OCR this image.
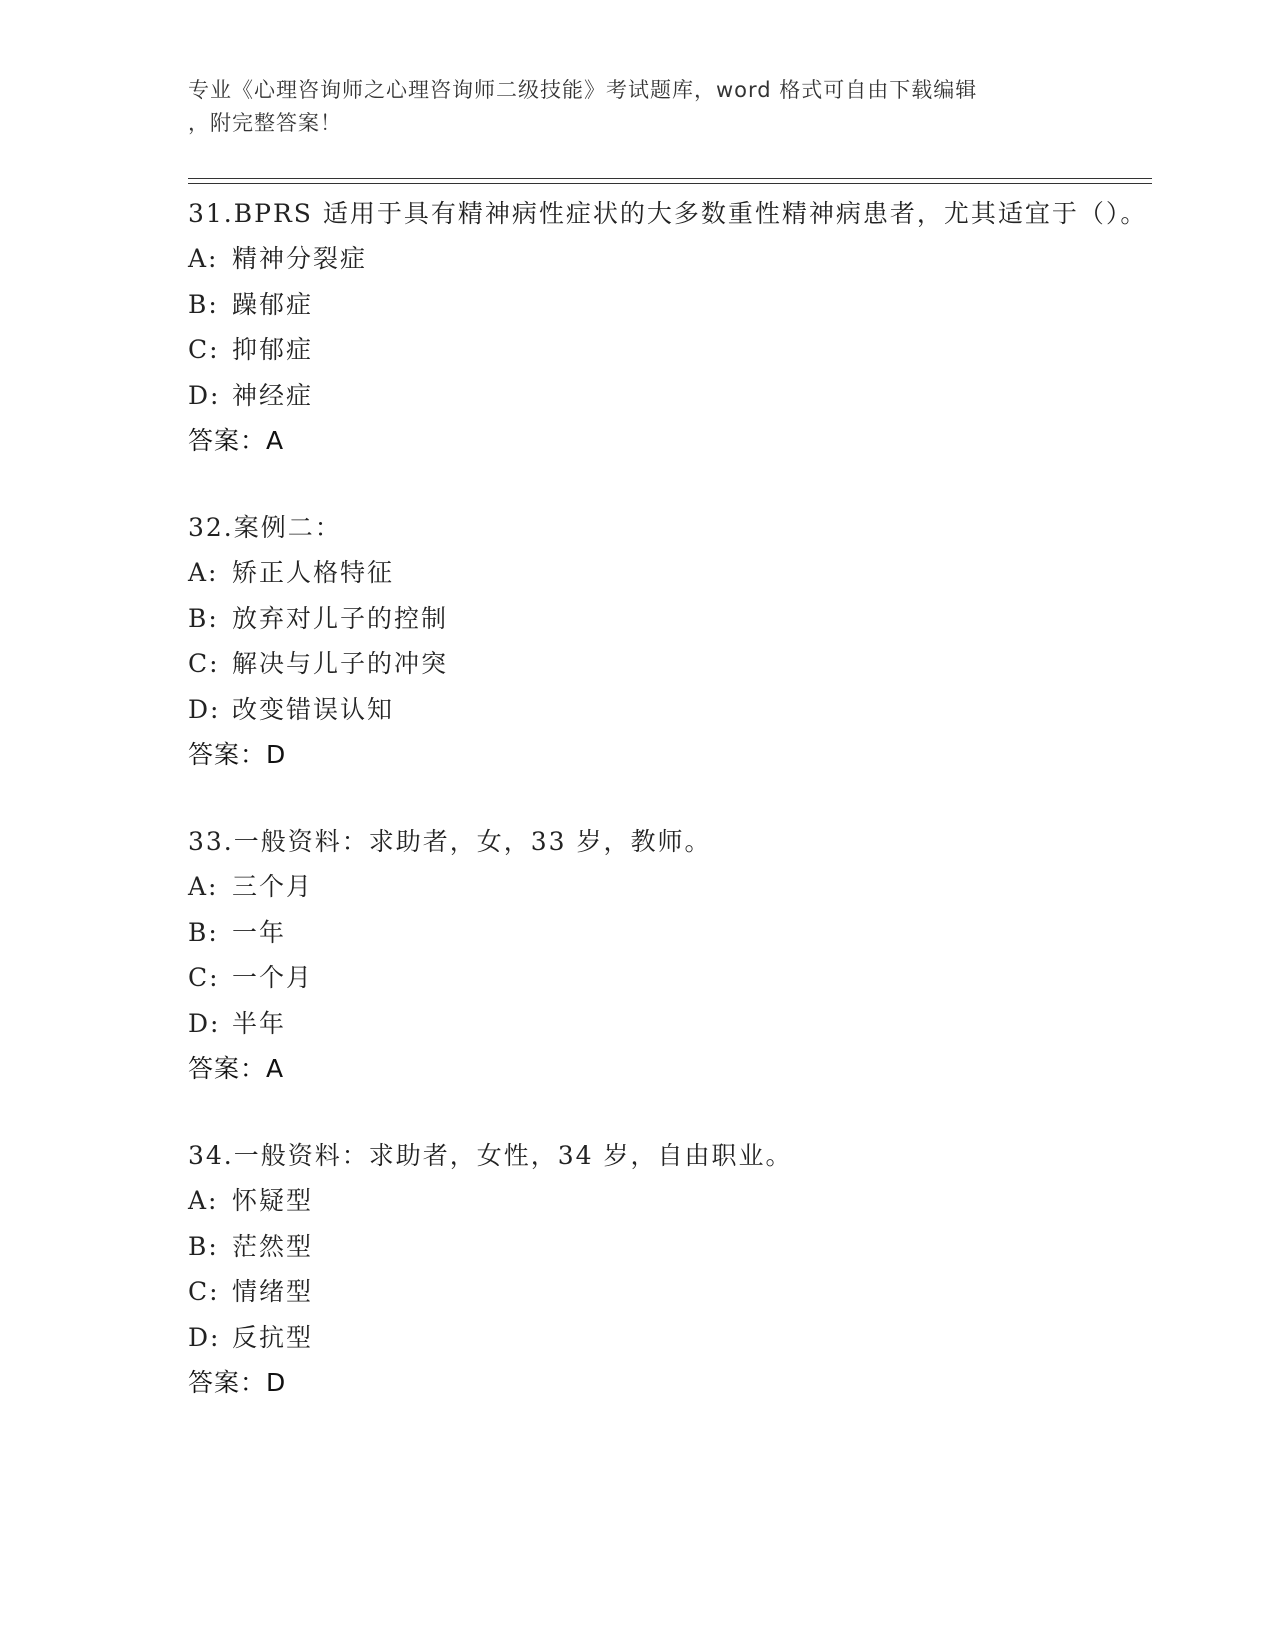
专业《心理咨询师之心理咨询师二级技能》考试题库，word 格式可自由下载编辑
，附完整答案！

31.BPRS 适用于具有精神病性症状的大多数重性精神病患者，尤其适宜于（）。

A: 精神分裂症
B: 躁郁症
C: 抑郁症
D: 神经症
答案：A

32.案例二：

A: 矫正人格特征
B: 放弃对儿子的控制
C: 解决与儿子的冲突
D: 改变错误认知
答案：D

33.一般资料：求助者，女，33 岁，教师。

A: 三个月
B: 一年
C: 一个月
D: 半年
答案：A

34.一般资料：求助者，女性，34 岁，自由职业。

A: 怀疑型
B: 茫然型
C: 情绪型
D: 反抗型
答案：D
